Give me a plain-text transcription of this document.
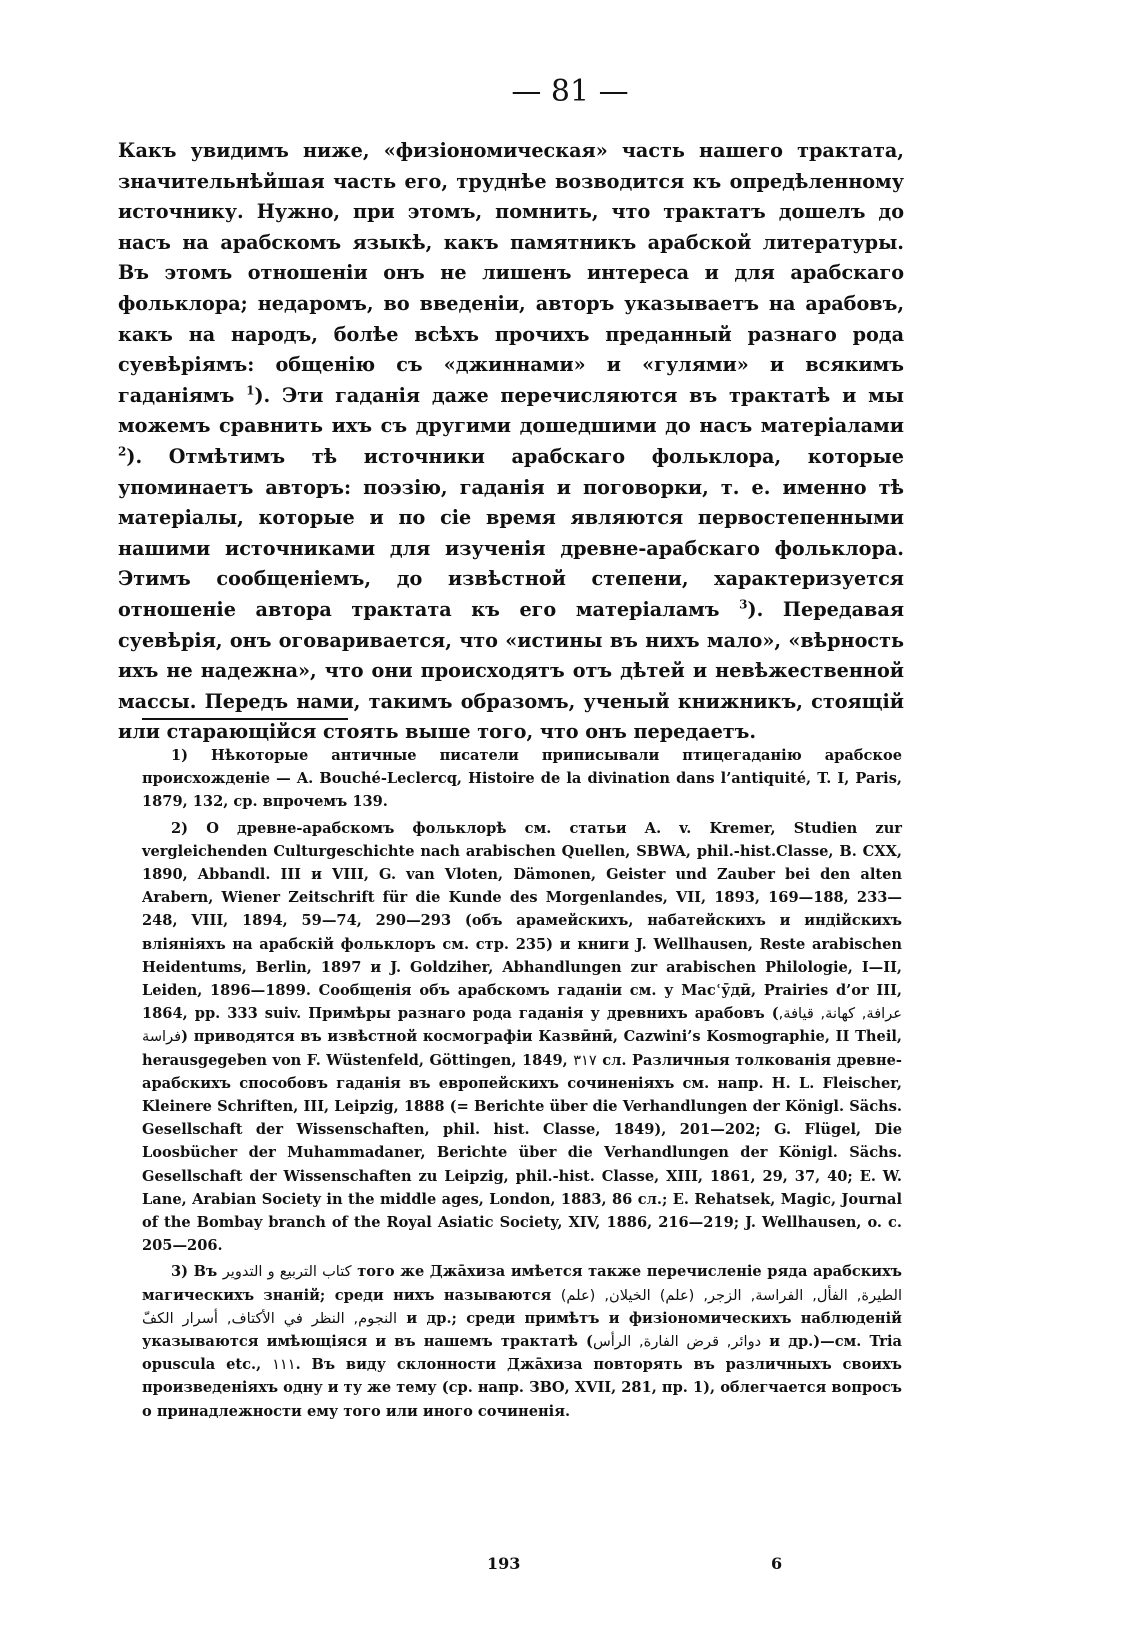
— 81 —

Какъ увидимъ ниже, «физіономическая» часть нашего трактата, значительнѣйшая часть его, труднѣе возводится къ опредѣленному источнику. Нужно, при этомъ, помнить, что трактатъ дошелъ до насъ на арабскомъ языкѣ, какъ памятникъ арабской литературы. Въ этомъ отношеніи онъ не лишенъ интереса и для арабскаго фольклора; недаромъ, во введеніи, авторъ указываетъ на арабовъ, какъ на народъ, болѣе всѣхъ прочихъ преданный разнаго рода суевѣріямъ: общенію съ «джиннами» и «гулями» и всякимъ гаданіямъ $^1$). Эти гаданія даже перечисляются въ трактатѣ и мы можемъ сравнить ихъ съ другими дошедшими до насъ матеріалами $^2$). Отмѣтимъ тѣ источники арабскаго фольклора, которые упоминаетъ авторъ: поэзію, гаданія и поговорки, т. е. именно тѣ матеріалы, которые и по сіе время являются первостепенными нашими источниками для изученія древне-арабскаго фольклора. Этимъ сообщеніемъ, до извѣстной степени, характеризуется отношеніе автора трактата къ его матеріаламъ $^3$). Передавая суевѣрія, онъ оговаривается, что «истины въ нихъ мало», «вѣрность ихъ не надежна», что они происходятъ отъ дѣтей и невѣжественной массы. Передъ нами, такимъ образомъ, ученый книжникъ, стоящій или старающійся стоять выше того, что онъ передаетъ.

1) Нѣкоторые античные писатели приписывали птицегаданію арабское происхожденіе — A. Bouché-Leclercq, Histoire de la divination dans l’antiquité, T. I, Paris, 1879, 132, ср. впрочемъ 139.

2) О древне-арабскомъ фольклорѣ см. статьи A. v. Kremer, Studien zur vergleichenden Culturgeschichte nach arabischen Quellen, SBWA, phil.-hist.Classe, B. CXX, 1890, Abbandl. III и VIII, G. van Vloten, Dämonen, Geister und Zauber bei den alten Arabern, Wiener Zeitschrift für die Kunde des Morgenlandes, VII, 1893, 169—188, 233—248, VIII, 1894, 59—74, 290—293 (объ арамейскихъ, набатейскихъ и индійскихъ вліяніяхъ на арабскій фольклоръ см. стр. 235) и книги J. Wellhausen, Reste arabischen Heidentums, Berlin, 1897 и J. Goldziher, Abhandlungen zur arabischen Philologie, I—II, Leiden, 1896—1899. Сообщенія объ арабскомъ гаданіи см. у Масʿӯдӣ, Prairies d’or III, 1864, pp. 333 suiv. Примѣры разнаго рода гаданія у древнихъ арабовъ (عرافة, كهانة, قيافة, فراسة) приводятся въ извѣстной космографіи Казвӣнӣ, Cazwini’s Kosmographie, II Theil, herausgegeben von F. Wüstenfeld, Göttingen, 1849, ٣١٧ сл. Различныя толкованія древне-арабскихъ способовъ гаданія въ европейскихъ сочиненіяхъ см. напр. H. L. Fleischer, Kleinere Schriften, III, Leipzig, 1888 (= Berichte über die Verhandlungen der Königl. Sächs. Gesellschaft der Wissenschaften, phil. hist. Classe, 1849), 201—202; G. Flügel, Die Loosbücher der Muhammadaner, Berichte über die Verhandlungen der Königl. Sächs. Gesellschaft der Wissenschaften zu Leipzig, phil.-hist. Classe, XIII, 1861, 29, 37, 40; E. W. Lane, Arabian Society in the middle ages, London, 1883, 86 сл.; E. Rehatsek, Magic, Journal of the Bombay branch of the Royal Asiatic Society, XIV, 1886, 216—219; J. Wellhausen, o. c. 205—206.

3) Въ كتاب التربيع و التدوير того же Джāхиза имѣется также перечисленіе ряда арабскихъ магическихъ знаній; среди нихъ называются الطيرة, الفأل, الفراسة, الزجر, (علم) الخيلان, (علم) النجوم, النظر في الأكتاف, أسرار الكفّ и др.; среди примѣтъ и физіономическихъ наблюденій указываются имѣющіяся и въ нашемъ трактатѣ (دوائر, قرض الفارة, الرأس и др.)—см. Tria opuscula etc., ١١١. Въ виду склонности Джāхиза повторять въ различныхъ своихъ произведеніяхъ одну и ту же тему (ср. напр. ЗВО, XVII, 281, пр. 1), облегчается вопросъ о принадлежности ему того или иного сочиненія.

193	6
